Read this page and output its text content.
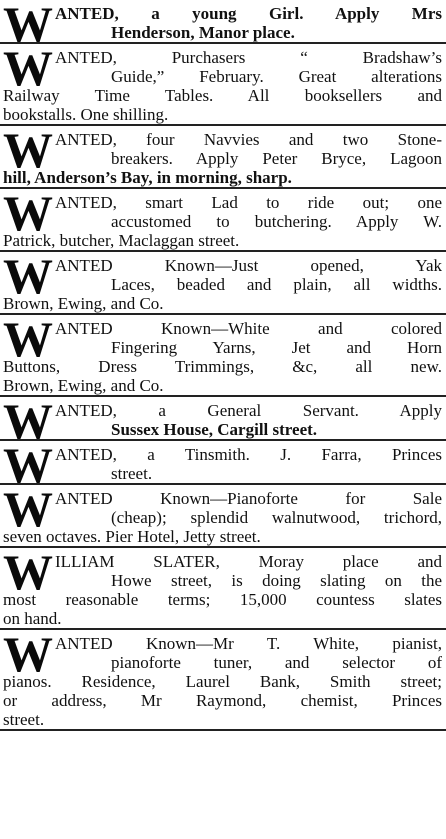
W ANTED, a young Girl. Apply Mrs
Henderson, Manor place.

W ANTED, Purchasers “ Bradshaw’s
Guide,” February. Great alterations
Railway Time Tables. All booksellers and
bookstalls. One shilling.

W ANTED, four Navvies and two Stone-
breakers. Apply Peter Bryce, Lagoon
hill, Anderson’s Bay, in morning, sharp.

W ANTED, smart Lad to ride out; one
accustomed to butchering. Apply W.
Patrick, butcher, Maclaggan street.

W ANTED Known—Just opened, Yak
Laces, beaded and plain, all widths.
Brown, Ewing, and Co.

W ANTED Known—White and colored
Fingering Yarns, Jet and Horn
Buttons, Dress Trimmings, &c, all new.
Brown, Ewing, and Co.

W ANTED, a General Servant. Apply
Sussex House, Cargill street.

W ANTED, a Tinsmith. J. Farra, Princes
street.

W ANTED Known—Pianoforte for Sale
(cheap); splendid walnutwood, trichord,
seven octaves. Pier Hotel, Jetty street.

W ILLIAM SLATER, Moray place and
Howe street, is doing slating on the
most reasonable terms; 15,000 countess slates
on hand.

W ANTED Known—Mr T. White, pianist,
pianoforte tuner, and selector of
pianos. Residence, Laurel Bank, Smith street;
or address, Mr Raymond, chemist, Princes
street.
